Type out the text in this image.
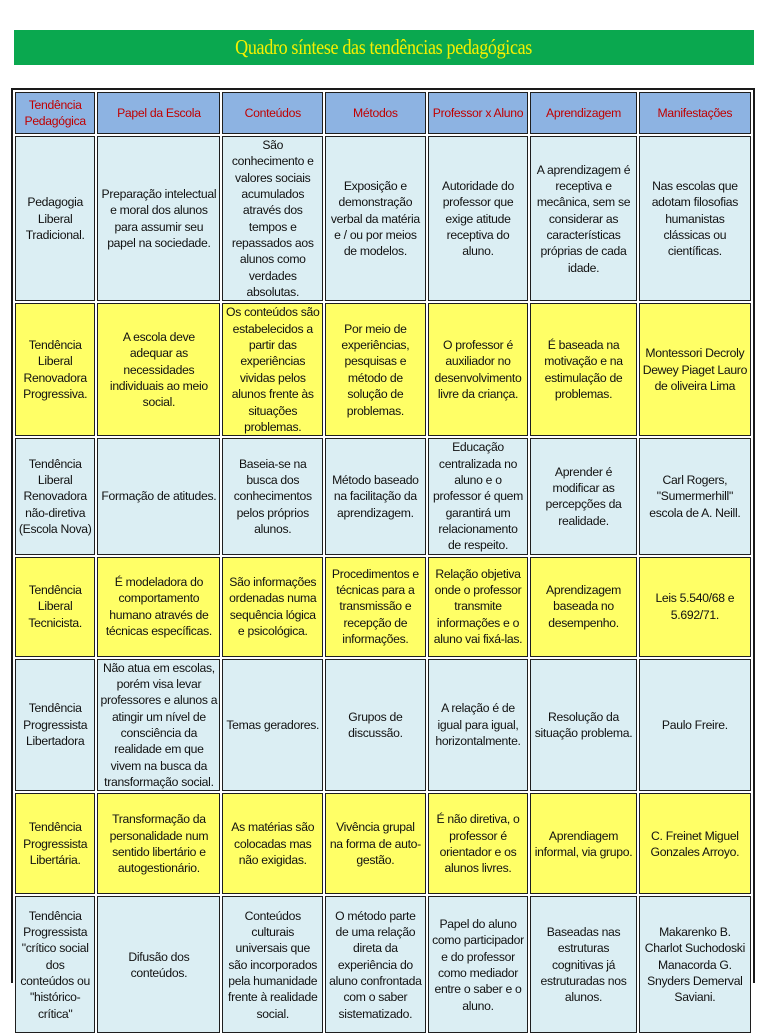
Quadro síntese das tendências pedagógicas
Tendência Pedagógica	Papel da Escola	Conteúdos	Métodos	Professor x Aluno	Aprendizagem	Manifestações
Pedagogia Liberal Tradicional.	Preparação intelectual e moral dos alunos para assumir seu papel na sociedade.	São conhecimento e valores sociais acumulados através dos tempos e repassados aos alunos como verdades absolutas.	Exposição e demonstração verbal da matéria e / ou por meios de modelos.	Autoridade do professor que exige atitude receptiva do aluno.	A aprendizagem é receptiva e mecânica, sem se considerar as características próprias de cada idade.	Nas escolas que adotam filosofias humanistas clássicas ou científicas.
Tendência Liberal Renovadora Progressiva.	A escola deve adequar as necessidades individuais ao meio social.	Os conteúdos são estabelecidos a partir das experiências vividas pelos alunos frente às situações problemas.	Por meio de experiências, pesquisas e método de solução de problemas.	O professor é auxiliador no desenvolvimento livre da criança.	É baseada na motivação e na estimulação de problemas.	Montessori Decroly Dewey Piaget Lauro de oliveira Lima
Tendência Liberal Renovadora não-diretiva (Escola Nova)	Formação de atitudes.	Baseia-se na busca dos conhecimentos pelos próprios alunos.	Método baseado na facilitação da aprendizagem.	Educação centralizada no aluno e o professor é quem garantirá um relacionamento de respeito.	Aprender é modificar as percepções da realidade.	Carl Rogers, "Sumermerhill" escola de A. Neill.
Tendência Liberal Tecnicista.	É modeladora do comportamento humano através de técnicas específicas.	São informações ordenadas numa sequência lógica e psicológica.	Procedimentos e técnicas para a transmissão e recepção de informações.	Relação objetiva onde o professor transmite informações e o aluno vai fixá-las.	Aprendizagem baseada no desempenho.	Leis 5.540/68 e 5.692/71.
Tendência Progressista Libertadora	Não atua em escolas, porém visa levar professores e alunos a atingir um nível de consciência da realidade em que vivem na busca da transformação social.	Temas geradores.	Grupos de discussão.	A relação é de igual para igual, horizontalmente.	Resolução da situação problema.	Paulo Freire.
Tendência Progressista Libertária.	Transformação da personalidade num sentido libertário e autogestionário.	As matérias são colocadas mas não exigidas.	Vivência grupal na forma de auto-gestão.	É não diretiva, o professor é orientador e os alunos livres.	Aprendiagem informal, via grupo.	C. Freinet Miguel Gonzales Arroyo.
Tendência Progressista "crítico social dos conteúdos ou "histórico-crítica"	Difusão dos conteúdos.	Conteúdos culturais universais que são incorporados pela humanidade frente à realidade social.	O método parte de uma relação direta da experiência do aluno confrontada com o saber sistematizado.	Papel do aluno como participador e do professor como mediador entre o saber e o aluno.	Baseadas nas estruturas cognitivas já estruturadas nos alunos.	Makarenko B. Charlot Suchodoski Manacorda G. Snyders Demerval Saviani.
